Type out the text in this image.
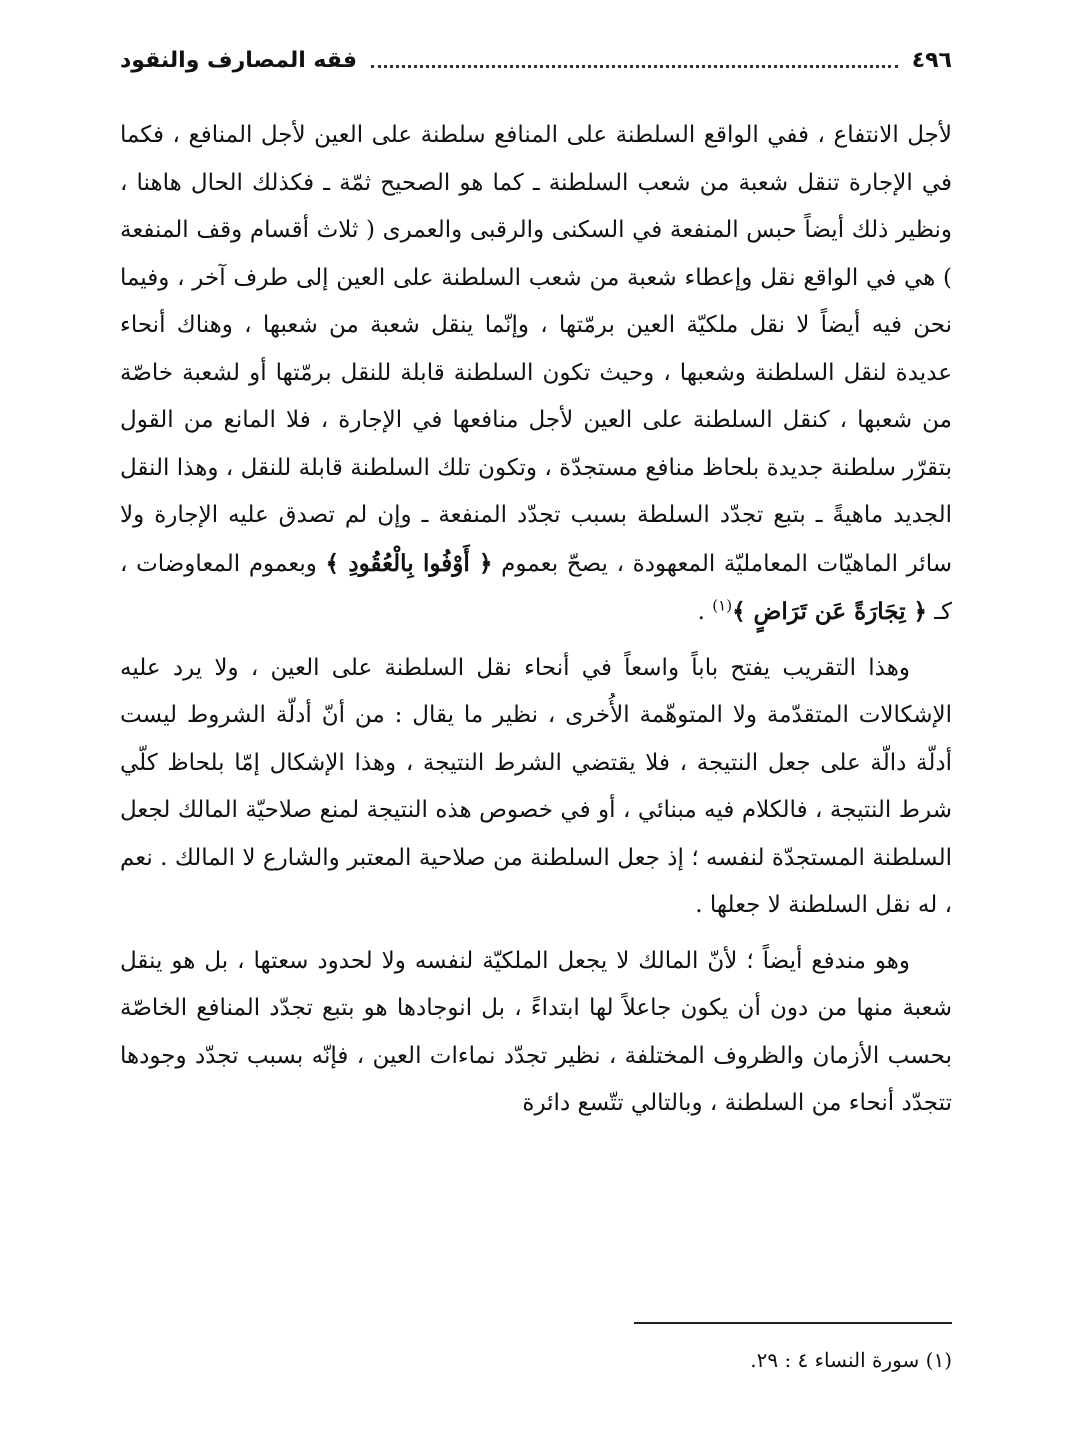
٤٩٦
فقه المصارف والنقود

لأجل الانتفاع ، ففي الواقع السلطنة على المنافع سلطنة على العين لأجل المنافع ، فكما في الإجارة تنقل شعبة من شعب السلطنة ـ كما هو الصحيح ثمّة ـ فكذلك الحال هاهنا ، ونظير ذلك أيضاً حبس المنفعة في السكنى والرقبى والعمرى ( ثلاث أقسام وقف المنفعة ) هي في الواقع نقل وإعطاء شعبة من شعب السلطنة على العين إلى طرف آخر ، وفيما نحن فيه أيضاً لا نقل ملكيّة العين برمّتها ، وإنّما ينقل شعبة من شعبها ، وهناك أنحاء عديدة لنقل السلطنة وشعبها ، وحيث تكون السلطنة قابلة للنقل برمّتها أو لشعبة خاصّة من شعبها ، كنقل السلطنة على العين لأجل منافعها في الإجارة ، فلا المانع من القول بتقرّر سلطنة جديدة بلحاظ منافع مستجدّة ، وتكون تلك السلطنة قابلة للنقل ، وهذا النقل الجديد ماهيةً ـ بتبع تجدّد السلطة بسبب تجدّد المنفعة ـ وإن لم تصدق عليه الإجارة ولا سائر الماهيّات المعامليّة المعهودة ، يصحّ بعموم ﴿ أَوْفُوا بِالْعُقُودِ ﴾ وبعموم المعاوضات ، كـ ﴿ تِجَارَةً عَن تَرَاضٍ ﴾$^{(١)}$ .

وهذا التقريب يفتح باباً واسعاً في أنحاء نقل السلطنة على العين ، ولا يرد عليه الإشكالات المتقدّمة ولا المتوهّمة الأُخرى ، نظير ما يقال : من أنّ أدلّة الشروط ليست أدلّة دالّة على جعل النتيجة ، فلا يقتضي الشرط النتيجة ، وهذا الإشكال إمّا بلحاظ كلّي شرط النتيجة ، فالكلام فيه مبنائي ، أو في خصوص هذه النتيجة لمنع صلاحيّة المالك لجعل السلطنة المستجدّة لنفسه ؛ إذ جعل السلطنة من صلاحية المعتبر والشارع لا المالك . نعم ، له نقل السلطنة لا جعلها .

وهو مندفع أيضاً ؛ لأنّ المالك لا يجعل الملكيّة لنفسه ولا لحدود سعتها ، بل هو ينقل شعبة منها من دون أن يكون جاعلاً لها ابتداءً ، بل انوجادها هو بتبع تجدّد المنافع الخاصّة بحسب الأزمان والظروف المختلفة ، نظير تجدّد نماءات العين ، فإنّه بسبب تجدّد وجودها تتجدّد أنحاء من السلطنة ، وبالتالي تتّسع دائرة

(١) سورة النساء ٤ : ٢٩.
